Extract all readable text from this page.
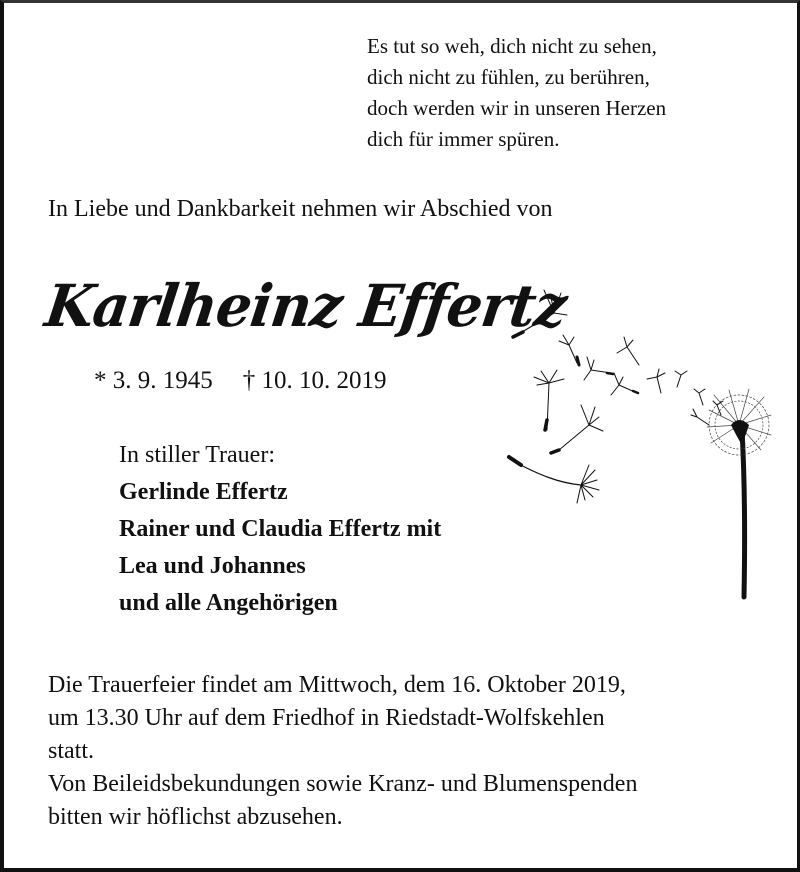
Es tut so weh, dich nicht zu sehen,
dich nicht zu fühlen, zu berühren,
doch werden wir in unseren Herzen
dich für immer spüren.
In Liebe und Dankbarkeit nehmen wir Abschied von
Karlheinz Effertz
* 3. 9. 1945 † 10. 10. 2019
In stiller Trauer:
Gerlinde Effertz
Rainer und Claudia Effertz mit
Lea und Johannes
und alle Angehörigen
Die Trauerfeier findet am Mittwoch, dem 16. Oktober 2019,
um 13.30 Uhr auf dem Friedhof in Riedstadt-Wolfskehlen
statt.
Von Beileidsbekundungen sowie Kranz- und Blumenspenden
bitten wir höflichst abzusehen.
